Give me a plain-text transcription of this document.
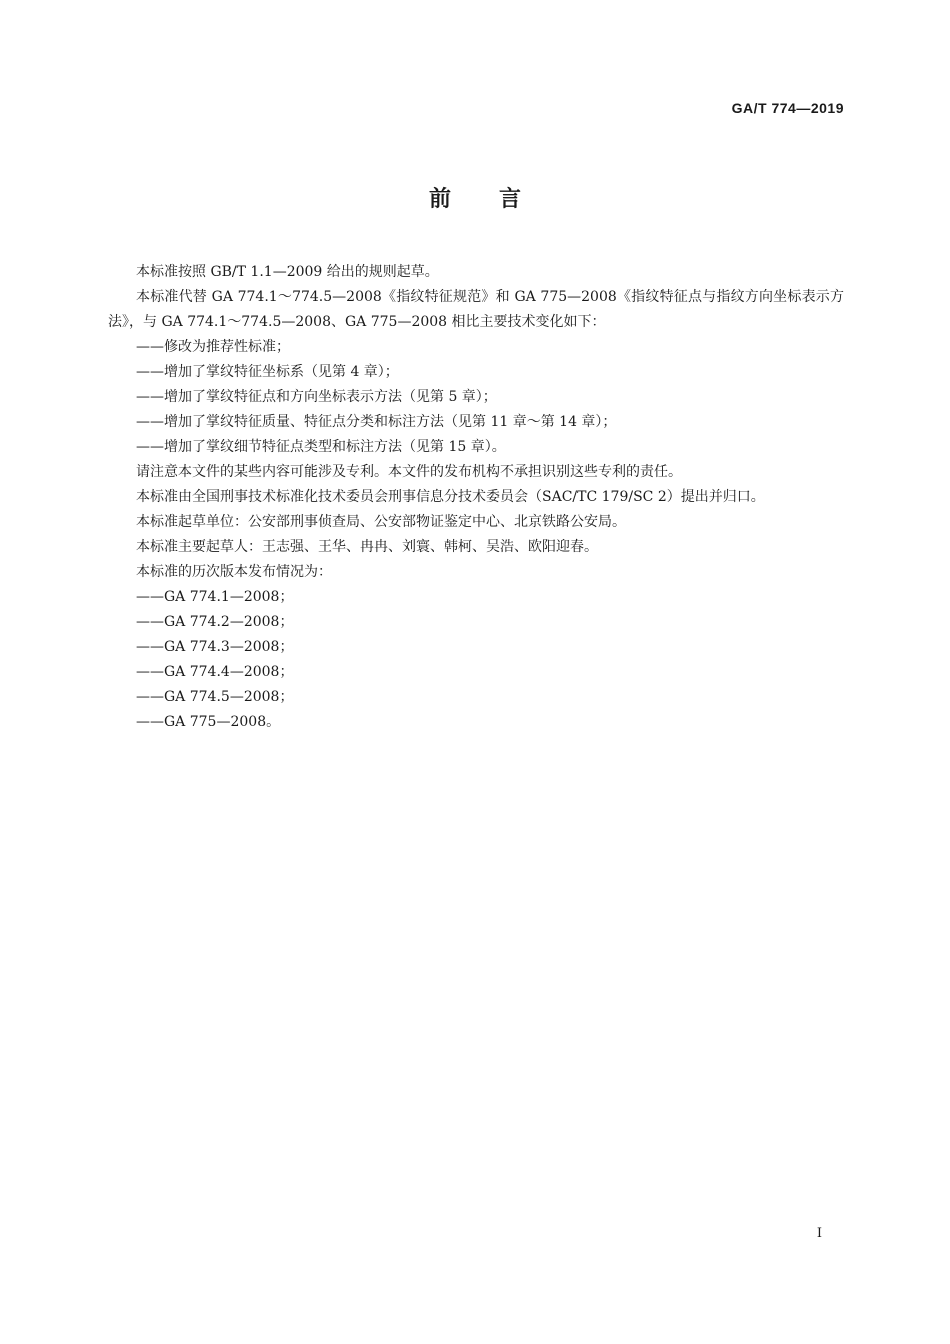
GA/T 774—2019
前言

本标准按照 GB/T 1.1—2009 给出的规则起草。

本标准代替 GA 774.1～774.5—2008《指纹特征规范》和 GA 775—2008《指纹特征点与指纹方向坐标表示方法》，与 GA 774.1～774.5—2008、GA 775—2008 相比主要技术变化如下：

——修改为推荐性标准；

——增加了掌纹特征坐标系（见第 4 章）；

——增加了掌纹特征点和方向坐标表示方法（见第 5 章）；

——增加了掌纹特征质量、特征点分类和标注方法（见第 11 章～第 14 章）；

——增加了掌纹细节特征点类型和标注方法（见第 15 章）。

请注意本文件的某些内容可能涉及专利。本文件的发布机构不承担识别这些专利的责任。

本标准由全国刑事技术标准化技术委员会刑事信息分技术委员会（SAC/TC 179/SC 2）提出并归口。

本标准起草单位：公安部刑事侦查局、公安部物证鉴定中心、北京铁路公安局。

本标准主要起草人：王志强、王华、冉冉、刘寰、韩柯、吴浩、欧阳迎春。

本标准的历次版本发布情况为：

——GA 774.1—2008；

——GA 774.2—2008；

——GA 774.3—2008；

——GA 774.4—2008；

——GA 774.5—2008；

——GA 775—2008。

I
